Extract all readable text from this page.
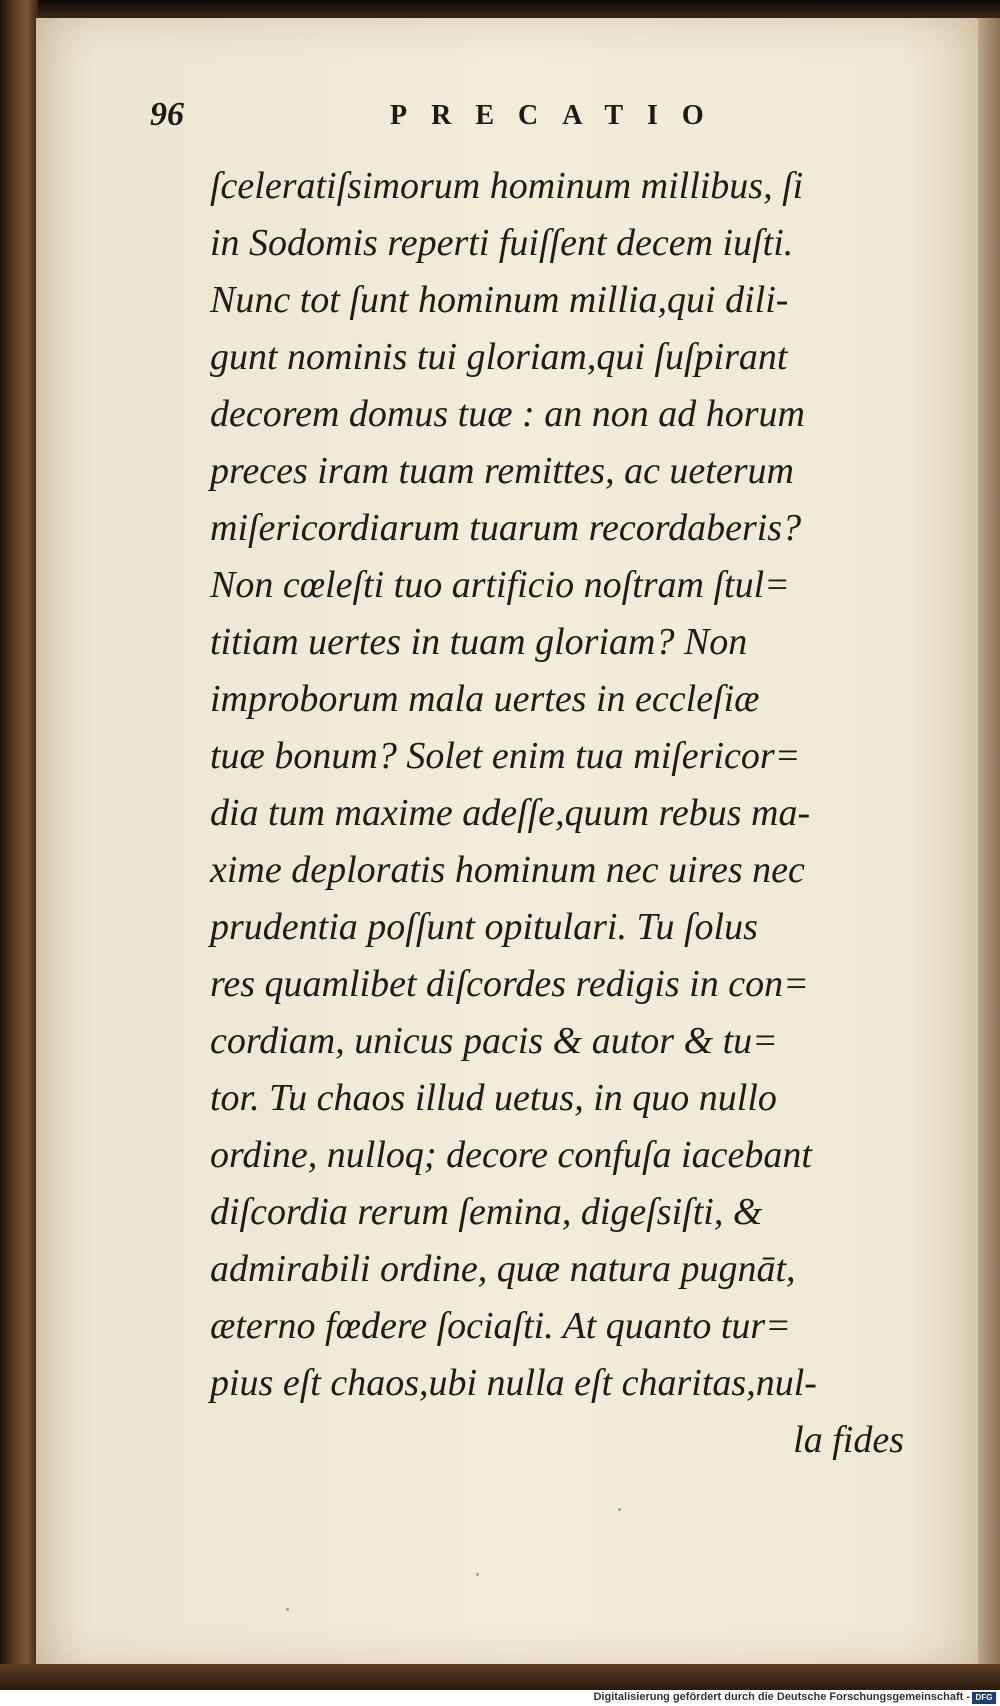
96	PRECATIO
ſceleratiſsimorum hominum millibus, ſi
in Sodomis reperti fuiſſent decem iuſti.
Nunc tot ſunt hominum millia,qui dili-
gunt nominis tui gloriam,qui ſuſpirant
decorem domus tuæ : an non ad horum
preces iram tuam remittes, ac ueterum
miſericordiarum tuarum recordaberis?
Non cœleſti tuo artificio noſtram ſtul=
titiam uertes in tuam gloriam? Non
improborum mala uertes in eccleſiæ
tuæ bonum? Solet enim tua miſericor=
dia tum maxime adeſſe,quum rebus ma-
xime deploratis hominum nec uires nec
prudentia poſſunt opitulari. Tu ſolus
res quamlibet diſcordes redigis in con=
cordiam, unicus pacis & autor & tu=
tor. Tu chaos illud uetus, in quo nullo
ordine, nulloq; decore confuſa iacebant
diſcordia rerum ſemina, digeſsiſti, &
admirabili ordine, quæ natura pugnāt,
æterno fœdere ſociaſti. At quanto tur=
pius eſt chaos,ubi nulla eſt charitas,nul-
la fides
Digitalisierung gefördert durch die Deutsche Forschungsgemeinschaft - DFG
